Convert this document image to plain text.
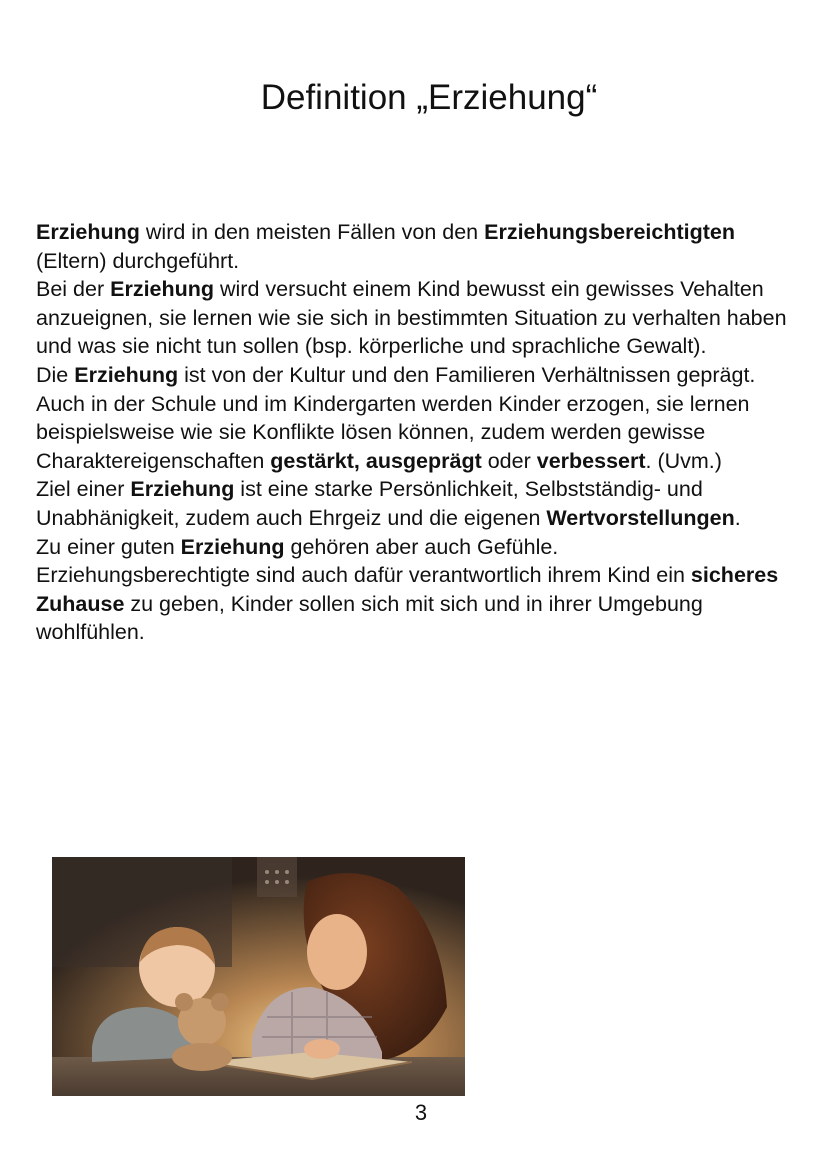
Definition „Erziehung“

Erziehung wird in den meisten Fällen von den Erziehungsbereichtigten (Eltern) durchgeführt.

Bei der Erziehung wird versucht einem Kind bewusst ein gewisses Vehalten anzueignen, sie lernen wie sie sich in bestimmten Situation zu verhalten haben und was sie nicht tun sollen (bsp. körperliche und sprachliche Gewalt).

Die Erziehung ist von der Kultur und den Familieren Verhältnissen geprägt.

Auch in der Schule und im Kindergarten werden Kinder erzogen, sie lernen beispielsweise wie sie Konflikte lösen können, zudem werden gewisse Charaktereigenschaften gestärkt, ausgeprägt oder verbessert. (Uvm.)

Ziel einer Erziehung ist eine starke Persönlichkeit, Selbstständig- und Unabhänigkeit, zudem auch Ehrgeiz und die eigenen Wertvorstellungen.

Zu einer guten Erziehung gehören aber auch Gefühle.

Erziehungsberechtigte sind auch dafür verantwortlich ihrem Kind ein sicheres Zuhause zu geben, Kinder sollen sich mit sich und in ihrer Umgebung wohlfühlen.

3
